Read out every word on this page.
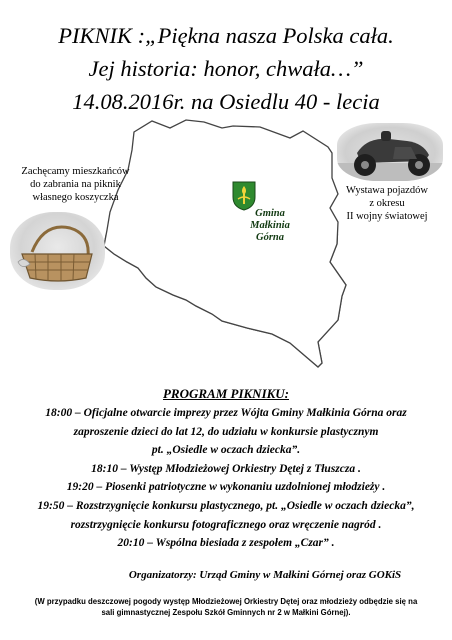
PIKNIK :„Piękna nasza Polska cała.
Jej historia: honor, chwała…”
14.08.2016r. na Osiedlu 40 - lecia
Zachęcamy mieszkańców
do zabrania na piknik
własnego koszyczka
Wystawa pojazdów
z okresu
II wojny światowej
Gmina
Małkinia Górna
PROGRAM PIKNIKU:
18:00 – Oficjalne otwarcie imprezy przez Wójta Gminy Małkinia Górna oraz
zaproszenie dzieci do lat 12, do udziału w konkursie plastycznym
pt. „Osiedle w oczach dziecka”.
18:10 – Występ Młodzieżowej Orkiestry Dętej z Tłuszcza .
19:20 – Piosenki patriotyczne w wykonaniu uzdolnionej młodzieży .
19:50 – Rozstrzygnięcie konkursu plastycznego, pt. „Osiedle w oczach dziecka”,
rozstrzygnięcie konkursu fotograficznego oraz wręczenie nagród .
20:10 – Wspólna biesiada z zespołem „Czar” .
Organizatorzy: Urząd Gminy w Małkini Górnej oraz GOKiS
(W przypadku deszczowej pogody występ Młodzieżowej Orkiestry Dętej oraz młodzieży odbędzie się na
sali gimnastycznej Zespołu Szkół Gminnych nr 2 w Małkini Górnej).
